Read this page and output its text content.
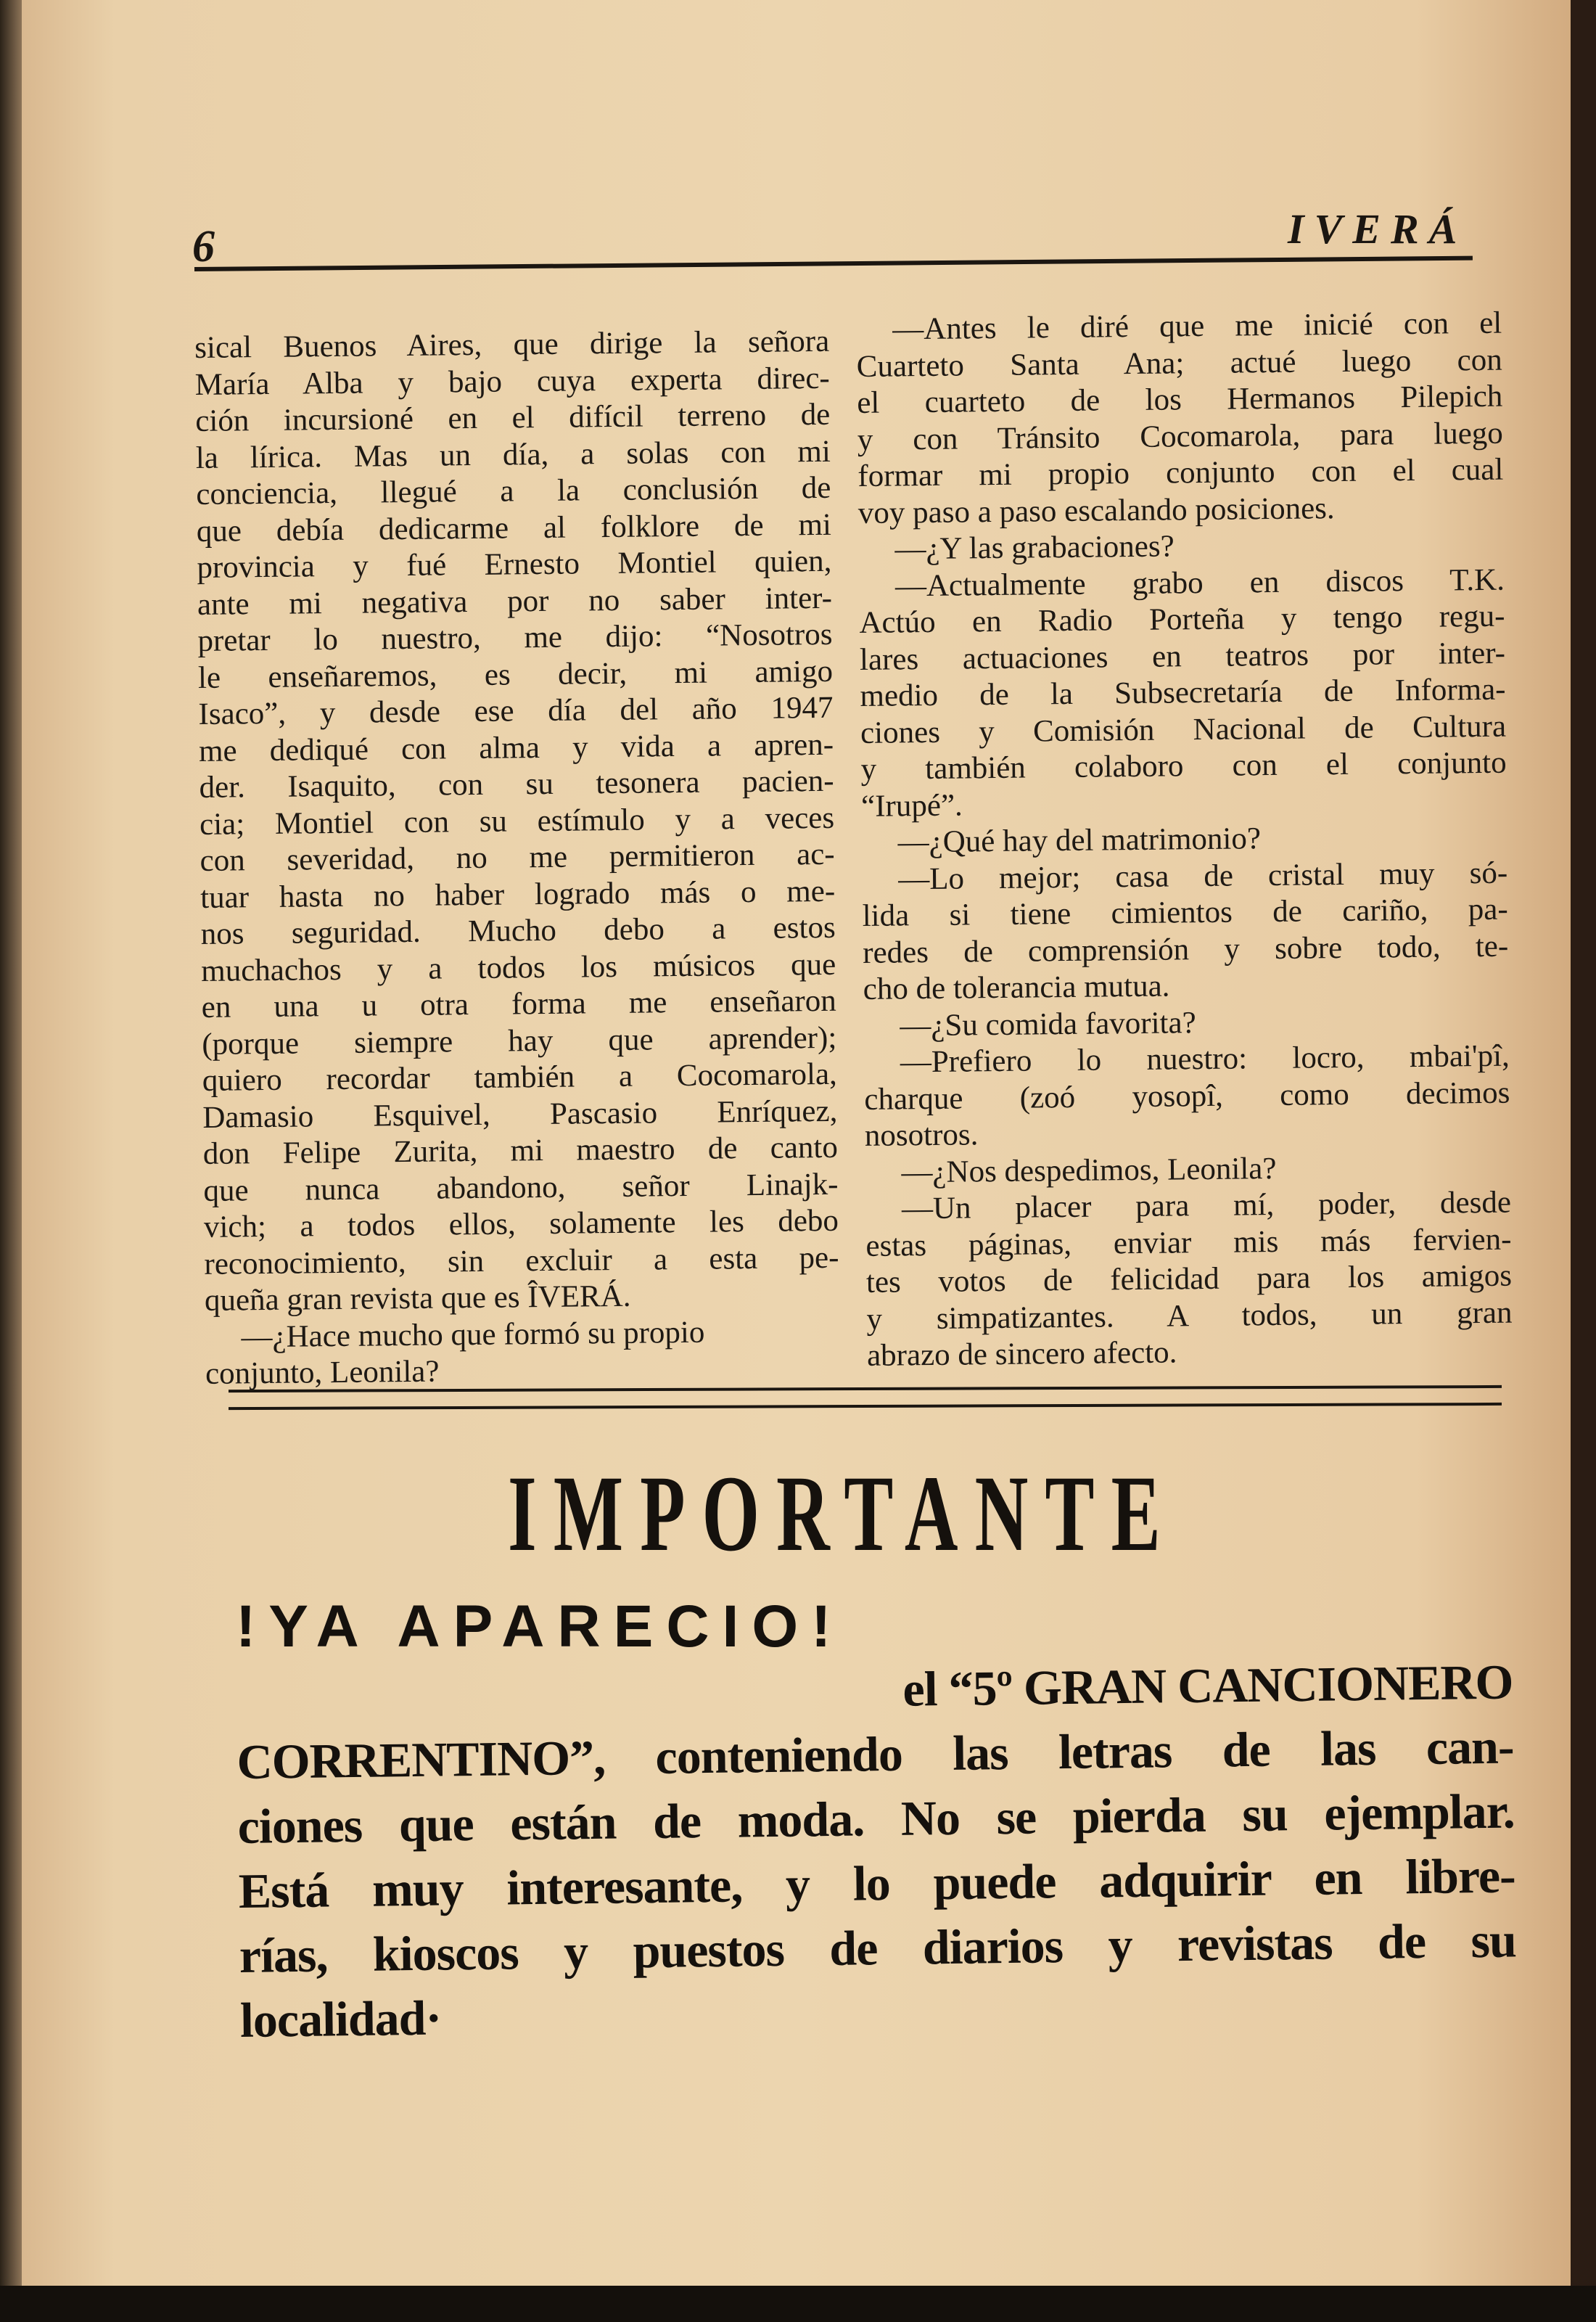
6	IVERÁ
sical Buenos Aires, que dirige la señora
María Alba y bajo cuya experta direc-
ción incursioné en el difícil terreno de
la lírica. Mas un día, a solas con mi
conciencia, llegué a la conclusión de
que debía dedicarme al folklore de mi
provincia y fué Ernesto Montiel quien,
ante mi negativa por no saber inter-
pretar lo nuestro, me dijo: “Nosotros
le enseñaremos, es decir, mi amigo
Isaco”, y desde ese día del año 1947
me dediqué con alma y vida a apren-
der. Isaquito, con su tesonera pacien-
cia; Montiel con su estímulo y a veces
con severidad, no me permitieron ac-
tuar hasta no haber logrado más o me-
nos seguridad. Mucho debo a estos
muchachos y a todos los músicos que
en una u otra forma me enseñaron
(porque siempre hay que aprender);
quiero recordar también a Cocomarola,
Damasio Esquivel, Pascasio Enríquez,
don Felipe Zurita, mi maestro de canto
que nunca abandono, señor Linajk-
vich; a todos ellos, solamente les debo
reconocimiento, sin excluir a esta pe-
queña gran revista que es ÎVERÁ.
—¿Hace mucho que formó su propio
conjunto, Leonila?
—Antes le diré que me inicié con el
Cuarteto Santa Ana; actué luego con
el cuarteto de los Hermanos Pilepich
y con Tránsito Cocomarola, para luego
formar mi propio conjunto con el cual
voy paso a paso escalando posiciones.
—¿Y las grabaciones?
—Actualmente grabo en discos T.K.
Actúo en Radio Porteña y tengo regu-
lares actuaciones en teatros por inter-
medio de la Subsecretaría de Informa-
ciones y Comisión Nacional de Cultura
y también colaboro con el conjunto
“Irupé”.
—¿Qué hay del matrimonio?
—Lo mejor; casa de cristal muy só-
lida si tiene cimientos de cariño, pa-
redes de comprensión y sobre todo, te-
cho de tolerancia mutua.
—¿Su comida favorita?
—Prefiero lo nuestro: locro, mbai'pî,
charque (zoó yosopî, como decimos
nosotros.
—¿Nos despedimos, Leonila?
—Un placer para mí, poder, desde
estas páginas, enviar mis más fervien-
tes votos de felicidad para los amigos
y simpatizantes. A todos, un gran
abrazo de sincero afecto.
IMPORTANTE
!YA APARECIO!
el “5º GRAN CANCIONERO
CORRENTINO”, conteniendo las letras de las can-
ciones que están de moda. No se pierda su ejemplar.
Está muy interesante, y lo puede adquirir en libre-
rías, kioscos y puestos de diarios y revistas de su
localidad·
